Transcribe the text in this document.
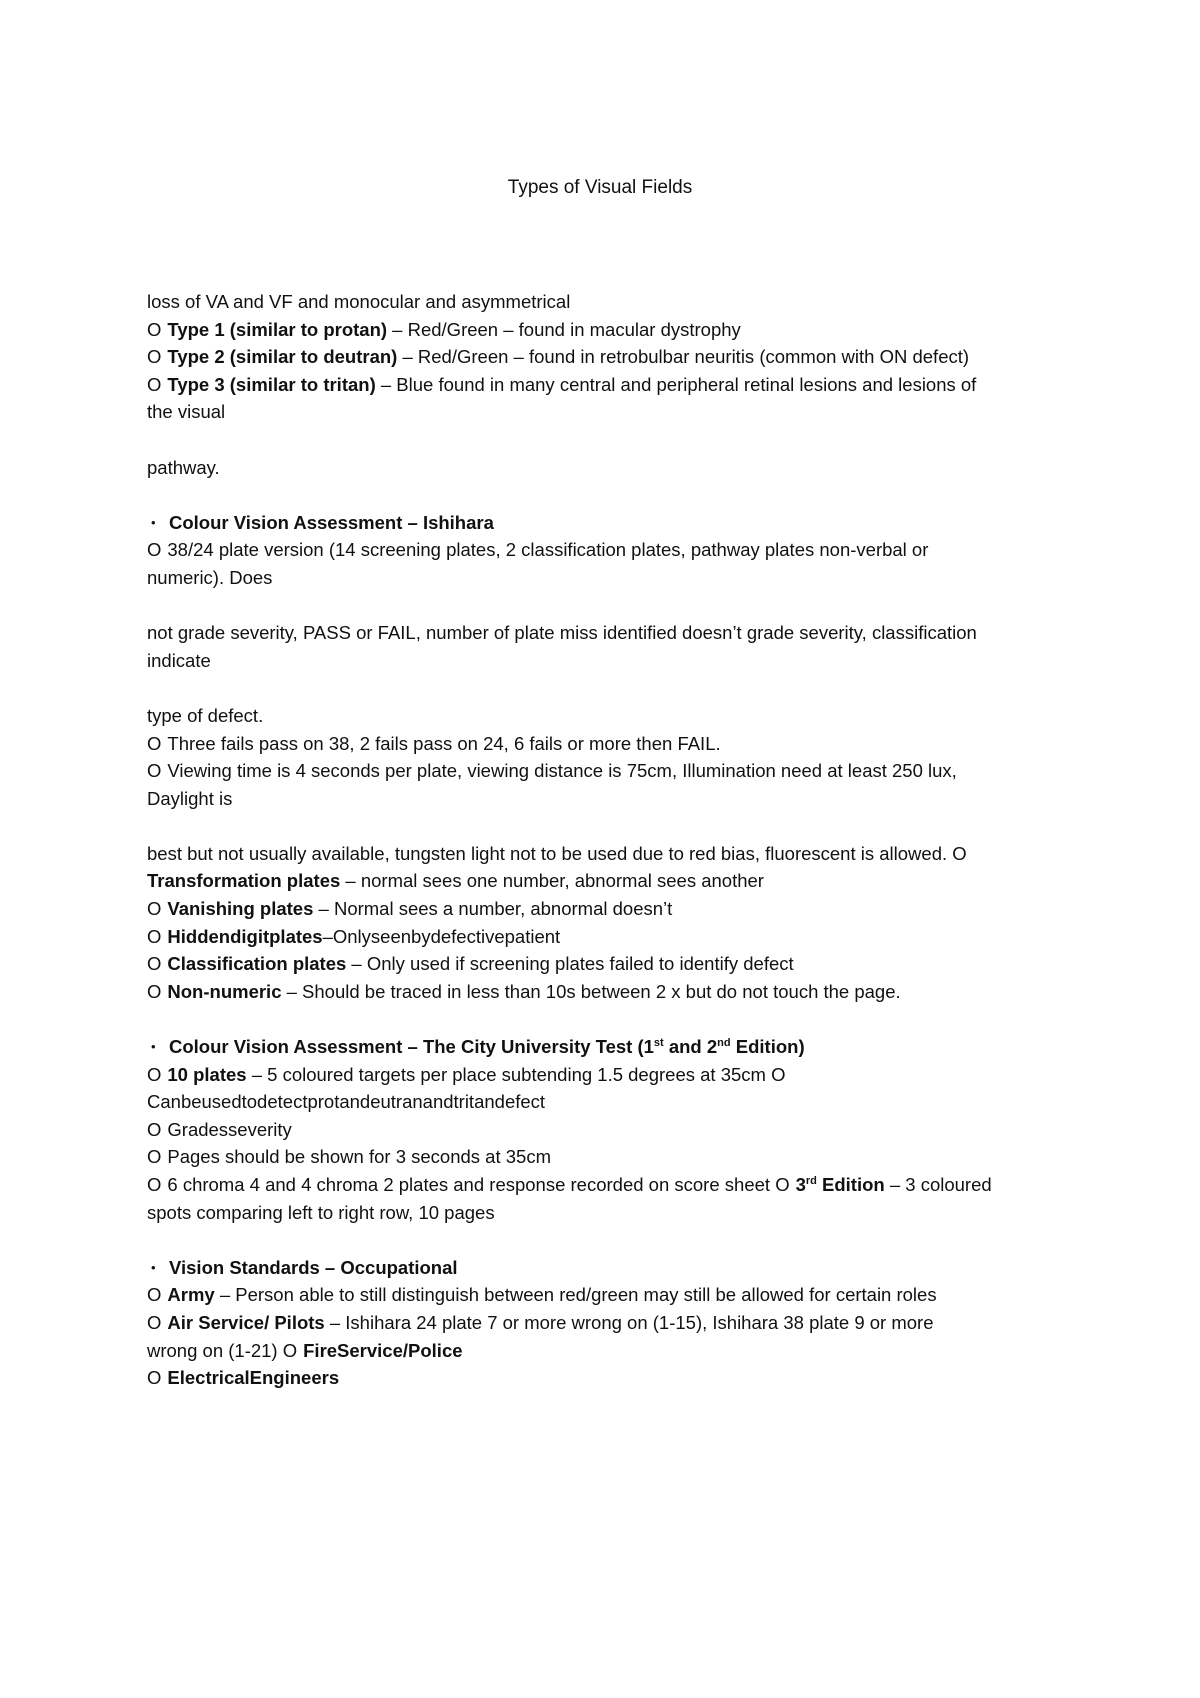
Types of Visual Fields
loss of VA and VF and monocular and asymmetrical
O Type 1 (similar to protan) – Red/Green – found in macular dystrophy
O Type 2 (similar to deutran) – Red/Green – found in retrobulbar neuritis (common with ON defect)
O Type 3 (similar to tritan) – Blue found in many central and peripheral retinal lesions and lesions of
the visual
pathway.
• Colour Vision Assessment – Ishihara
O 38/24 plate version (14 screening plates, 2 classification plates, pathway plates non-verbal or
numeric). Does
not grade severity, PASS or FAIL, number of plate miss identified doesn’t grade severity, classification
indicate
type of defect.
O Three fails pass on 38, 2 fails pass on 24, 6 fails or more then FAIL.
O Viewing time is 4 seconds per plate, viewing distance is 75cm, Illumination need at least 250 lux,
Daylight is
best but not usually available, tungsten light not to be used due to red bias, fluorescent is allowed. O
Transformation plates – normal sees one number, abnormal sees another
O Vanishing plates – Normal sees a number, abnormal doesn’t
O Hiddendigitplates–Onlyseenbydefectivepatient
O Classification plates – Only used if screening plates failed to identify defect
O Non-numeric – Should be traced in less than 10s between 2 x but do not touch the page.
• Colour Vision Assessment – The City University Test (1st and 2nd Edition)
O 10 plates – 5 coloured targets per place subtending 1.5 degrees at 35cm O
Canbeusedtodetectprotandeutranandtritandefect
O Gradesseverity
O Pages should be shown for 3 seconds at 35cm
O 6 chroma 4 and 4 chroma 2 plates and response recorded on score sheet O 3rd Edition – 3 coloured
spots comparing left to right row, 10 pages
• Vision Standards – Occupational
O Army – Person able to still distinguish between red/green may still be allowed for certain roles
O Air Service/ Pilots – Ishihara 24 plate 7 or more wrong on (1-15), Ishihara 38 plate 9 or more
wrong on (1-21) O FireService/Police
O ElectricalEngineers
